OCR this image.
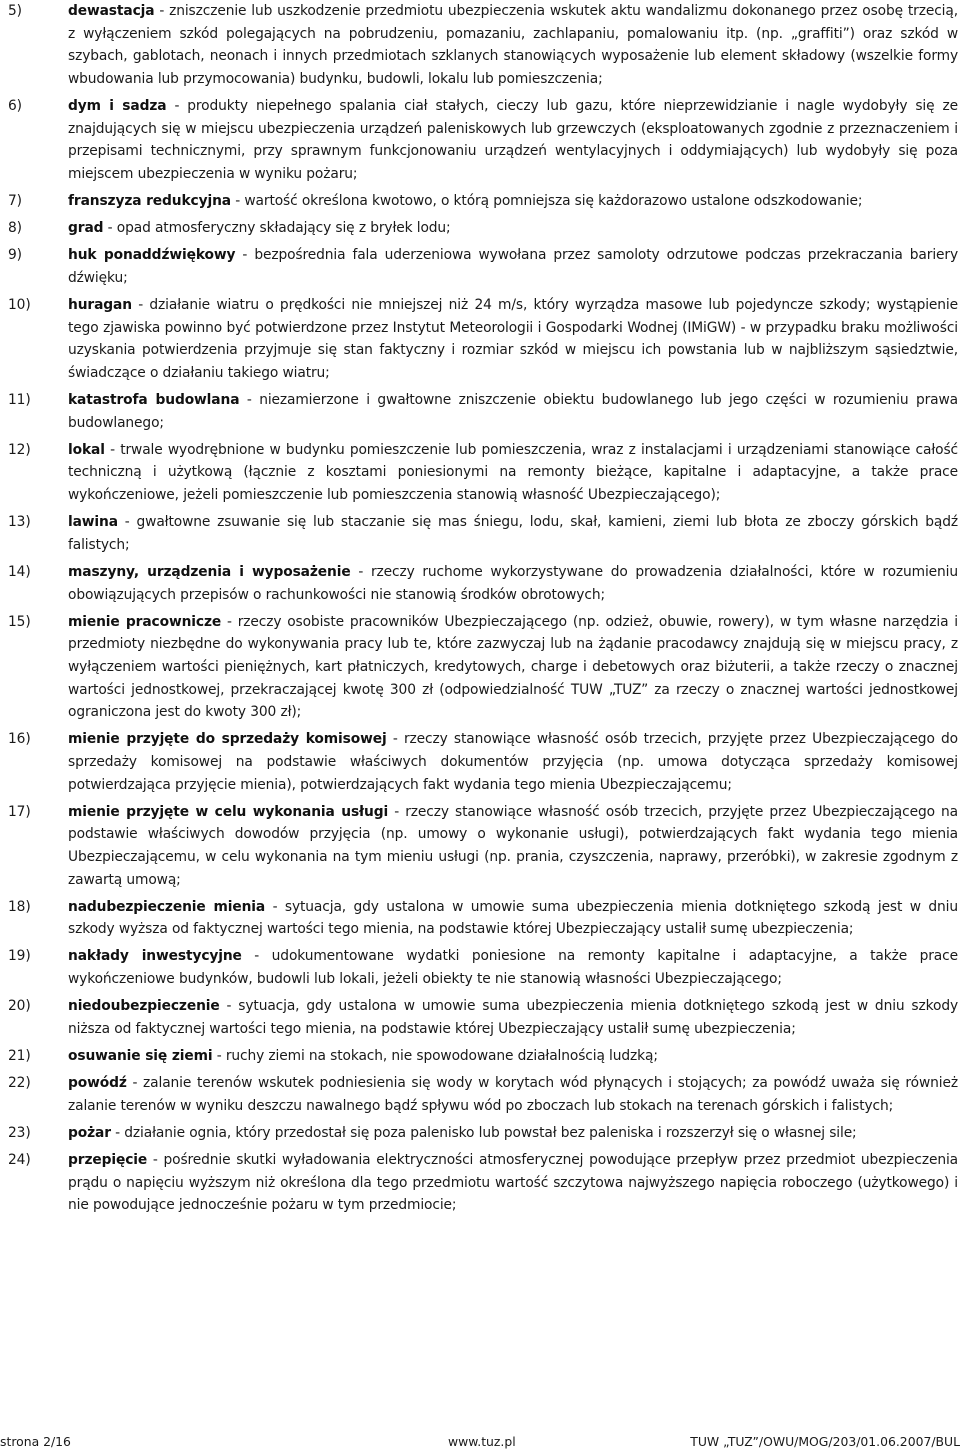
5)	dewastacja - zniszczenie lub uszkodzenie przedmiotu ubezpieczenia wskutek aktu wandalizmu dokonanego przez osobę trzecią, z wyłączeniem szkód polegających na pobrudzeniu, pomazaniu, zachlapaniu, pomalowaniu itp. (np. „graffiti”) oraz szkód w szybach, gablotach, neonach i innych przedmiotach szklanych stanowiących wyposażenie lub element składowy (wszelkie formy wbudowania lub przymocowania) budynku, budowli, lokalu lub pomieszczenia;
6)	dym i sadza - produkty niepełnego spalania ciał stałych, cieczy lub gazu, które nieprzewidzianie i nagle wydobyły się ze znajdujących się w miejscu ubezpieczenia urządzeń paleniskowych lub grzewczych (eksploatowanych zgodnie z przeznaczeniem i przepisami technicznymi, przy sprawnym funkcjonowaniu urządzeń wentylacyjnych i oddymiających) lub wydobyły się poza miejscem ubezpieczenia w wyniku pożaru;
7)	franszyza redukcyjna - wartość określona kwotowo, o którą pomniejsza się każdorazowo ustalone odszkodowanie;
8)	grad - opad atmosferyczny składający się z bryłek lodu;
9)	huk ponaddźwiękowy - bezpośrednia fala uderzeniowa wywołana przez samoloty odrzutowe podczas przekraczania bariery dźwięku;
10)	huragan - działanie wiatru o prędkości nie mniejszej niż 24 m/s, który wyrządza masowe lub pojedyncze szkody; wystąpienie tego zjawiska powinno być potwierdzone przez Instytut Meteorologii i Gospodarki Wodnej (IMiGW) - w przypadku braku możliwości uzyskania potwierdzenia przyjmuje się stan faktyczny i rozmiar szkód w miejscu ich powstania lub w najbliższym sąsiedztwie, świadczące o działaniu takiego wiatru;
11)	katastrofa budowlana - niezamierzone i gwałtowne zniszczenie obiektu budowlanego lub jego części w rozumieniu prawa budowlanego;
12)	lokal - trwale wyodrębnione w budynku pomieszczenie lub pomieszczenia, wraz z instalacjami i urządzeniami stanowiące całość techniczną i użytkową (łącznie z kosztami poniesionymi na remonty bieżące, kapitalne i adaptacyjne, a także prace wykończeniowe, jeżeli pomieszczenie lub pomieszczenia stanowią własność Ubezpieczającego);
13)	lawina - gwałtowne zsuwanie się lub staczanie się mas śniegu, lodu, skał, kamieni, ziemi lub błota ze zboczy górskich bądź falistych;
14)	maszyny, urządzenia i wyposażenie - rzeczy ruchome wykorzystywane do prowadzenia działalności, które w rozumieniu obowiązujących przepisów o rachunkowości nie stanowią środków obrotowych;
15)	mienie pracownicze - rzeczy osobiste pracowników Ubezpieczającego (np. odzież, obuwie, rowery), w tym własne narzędzia i przedmioty niezbędne do wykonywania pracy lub te, które zazwyczaj lub na żądanie pracodawcy znajdują się w miejscu pracy, z wyłączeniem wartości pieniężnych, kart płatniczych, kredytowych, charge i debetowych oraz biżuterii, a także rzeczy o znacznej wartości jednostkowej, przekraczającej kwotę 300 zł (odpowiedzialność TUW „TUZ” za rzeczy o znacznej wartości jednostkowej ograniczona jest do kwoty 300 zł);
16)	mienie przyjęte do sprzedaży komisowej - rzeczy stanowiące własność osób trzecich, przyjęte przez Ubezpieczającego do sprzedaży komisowej na podstawie właściwych dokumentów przyjęcia (np. umowa dotycząca sprzedaży komisowej potwierdzająca przyjęcie mienia), potwierdzających fakt wydania tego mienia Ubezpieczającemu;
17)	mienie przyjęte w celu wykonania usługi - rzeczy stanowiące własność osób trzecich, przyjęte przez Ubezpieczającego na podstawie właściwych dowodów przyjęcia (np. umowy o wykonanie usługi), potwierdzających fakt wydania tego mienia Ubezpieczającemu, w celu wykonania na tym mieniu usługi (np. prania, czyszczenia, naprawy, przeróbki), w zakresie zgodnym z zawartą umową;
18)	nadubezpieczenie mienia - sytuacja, gdy ustalona w umowie suma ubezpieczenia mienia dotkniętego szkodą jest w dniu szkody wyższa od faktycznej wartości tego mienia, na podstawie której Ubezpieczający ustalił sumę ubezpieczenia;
19)	nakłady inwestycyjne - udokumentowane wydatki poniesione na remonty kapitalne i adaptacyjne, a także prace wykończeniowe budynków, budowli lub lokali, jeżeli obiekty te nie stanowią własności Ubezpieczającego;
20)	niedoubezpieczenie - sytuacja, gdy ustalona w umowie suma ubezpieczenia mienia dotkniętego szkodą jest w dniu szkody niższa od faktycznej wartości tego mienia, na podstawie której Ubezpieczający ustalił sumę ubezpieczenia;
21)	osuwanie się ziemi - ruchy ziemi na stokach, nie spowodowane działalnością ludzką;
22)	powódź - zalanie terenów wskutek podniesienia się wody w korytach wód płynących i stojących; za powódź uważa się również zalanie terenów w wyniku deszczu nawalnego bądź spływu wód po zboczach lub stokach na terenach górskich i falistych;
23)	pożar - działanie ognia, który przedostał się poza palenisko lub powstał bez paleniska i rozszerzył się o własnej sile;
24)	przepięcie - pośrednie skutki wyładowania elektryczności atmosferycznej powodujące przepływ przez przedmiot ubezpieczenia prądu o napięciu wyższym niż określona dla tego przedmiotu wartość szczytowa najwyższego napięcia roboczego (użytkowego) i nie powodujące jednocześnie pożaru w tym przedmiocie;
strona 2/16	www.tuz.pl	TUW „TUZ”/OWU/MOG/203/01.06.2007/BUL
